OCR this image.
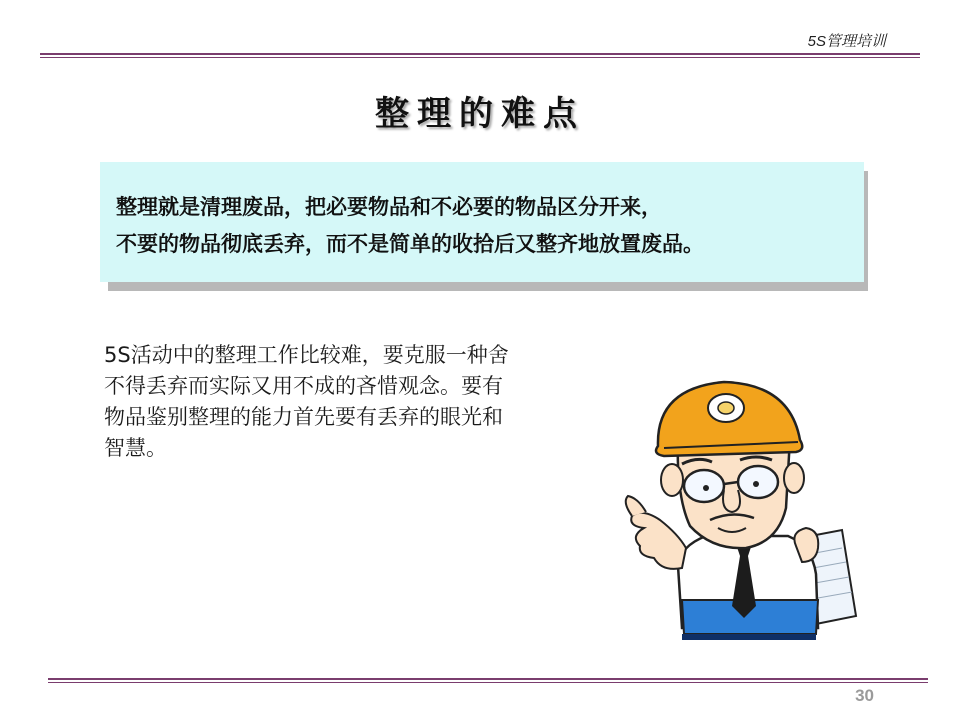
5S管理培训
整理的难点

整理就是清理废品，把必要物品和不必要的物品区分开来，

不要的物品彻底丢弃，而不是简单的收拾后又整齐地放置废品。

5S活动中的整理工作比较难，要克服一种舍

不得丢弃而实际又用不成的吝惜观念。要有

物品鉴别整理的能力首先要有丢弃的眼光和

智慧。

30
